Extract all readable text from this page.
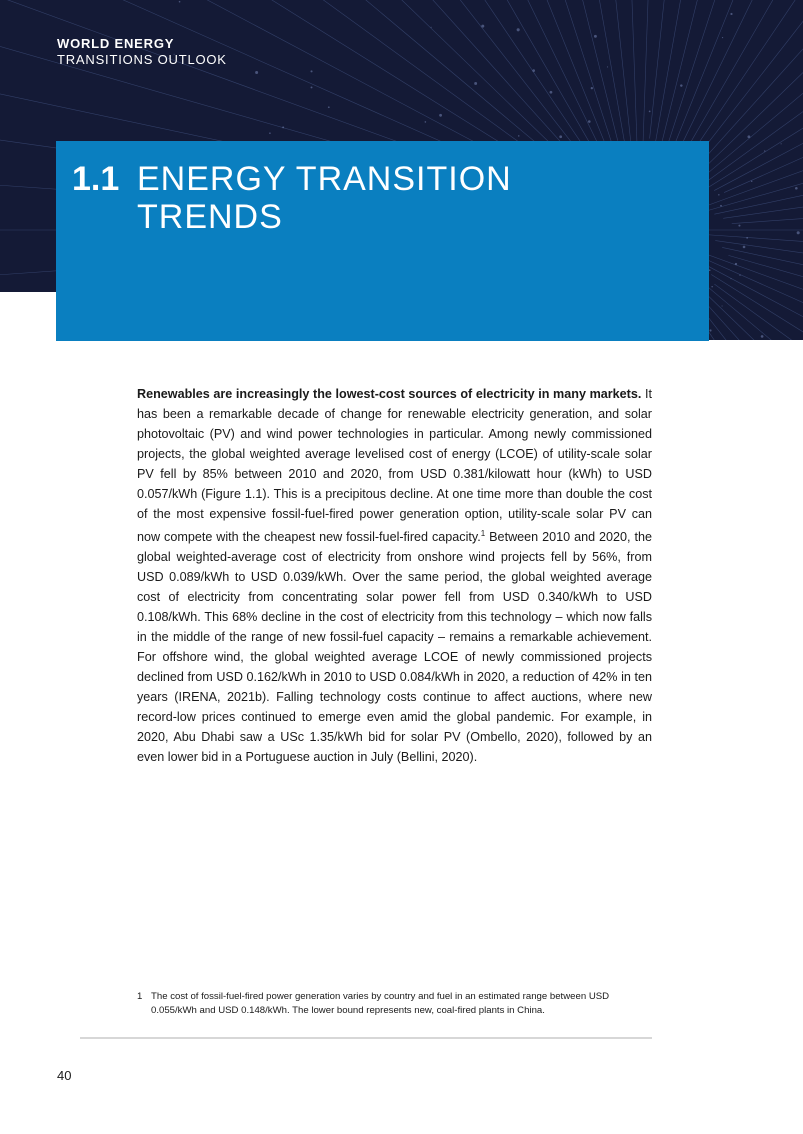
WORLD ENERGY
TRANSITIONS OUTLOOK
1.1 ENERGY TRANSITION
TRENDS
Renewables are increasingly the lowest-cost sources of electricity in many markets. It has been a remarkable decade of change for renewable electricity generation, and solar photovoltaic (PV) and wind power technologies in particular. Among newly commissioned projects, the global weighted average levelised cost of energy (LCOE) of utility-scale solar PV fell by 85% between 2010 and 2020, from USD 0.381/kilowatt hour (kWh) to USD 0.057/kWh (Figure 1.1). This is a precipitous decline. At one time more than double the cost of the most expensive fossil-fuel-fired power generation option, utility-scale solar PV can now compete with the cheapest new fossil-fuel-fired capacity.$^1$ Between 2010 and 2020, the global weighted-average cost of electricity from onshore wind projects fell by 56%, from USD 0.089/kWh to USD 0.039/kWh. Over the same period, the global weighted average cost of electricity from concentrating solar power fell from USD 0.340/kWh to USD 0.108/kWh. This 68% decline in the cost of electricity from this technology – which now falls in the middle of the range of new fossil-fuel capacity – remains a remarkable achievement. For offshore wind, the global weighted average LCOE of newly commissioned projects declined from USD 0.162/kWh in 2010 to USD 0.084/kWh in 2020, a reduction of 42% in ten years (IRENA, 2021b). Falling technology costs continue to affect auctions, where new record-low prices continued to emerge even amid the global pandemic. For example, in 2020, Abu Dhabi saw a USc 1.35/kWh bid for solar PV (Ombello, 2020), followed by an even lower bid in a Portuguese auction in July (Bellini, 2020).
1 The cost of fossil-fuel-fired power generation varies by country and fuel in an estimated range between USD 0.055/kWh and USD 0.148/kWh. The lower bound represents new, coal-fired plants in China.
40
